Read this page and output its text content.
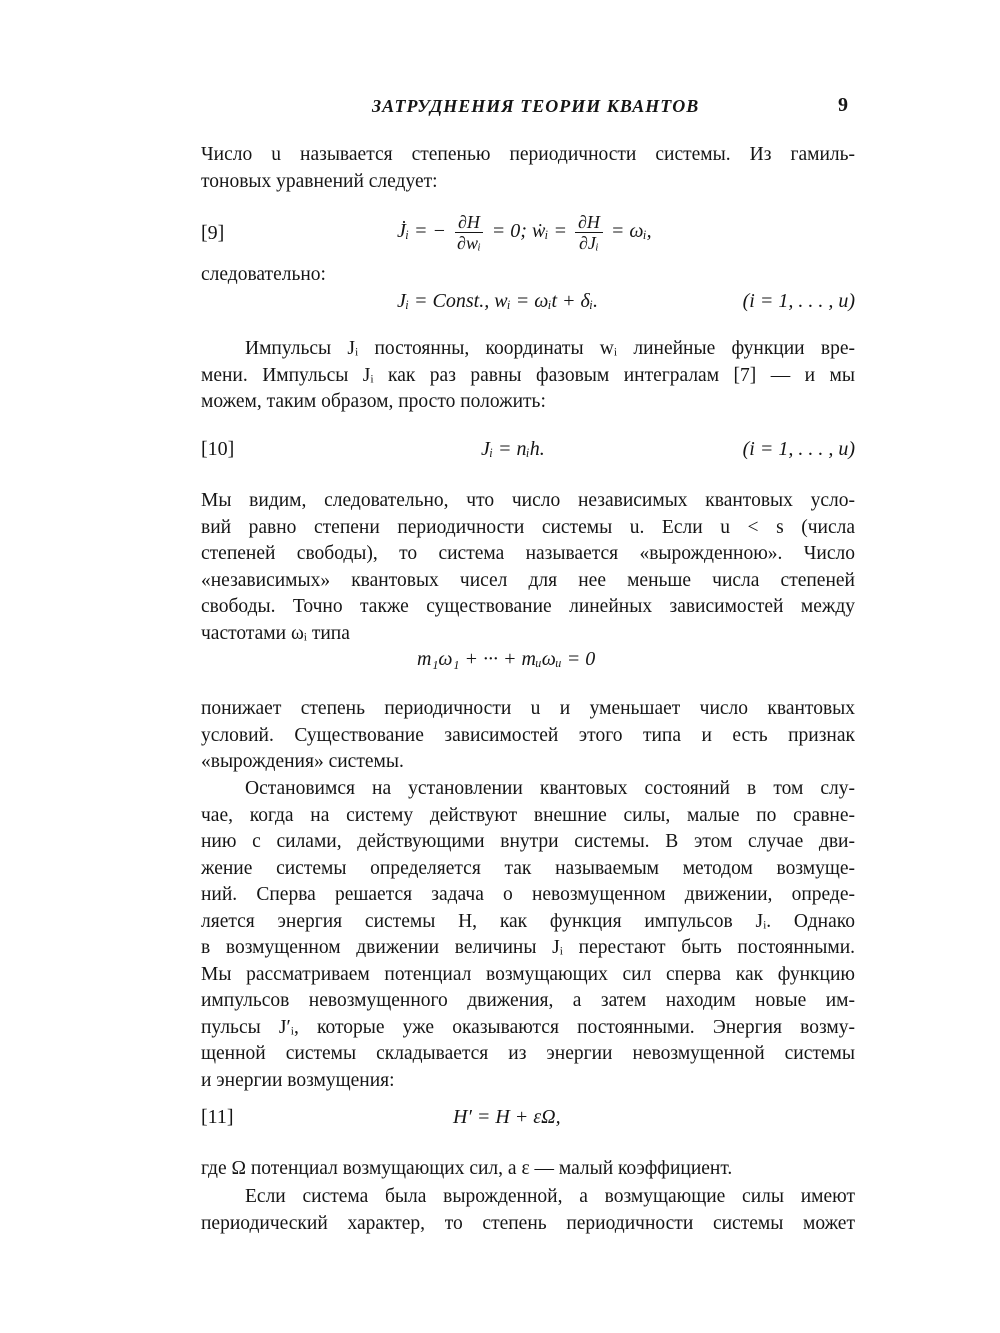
ЗАТРУДНЕНИЯ ТЕОРИИ КВАНТОВ	9
Число u называется степенью периодичности системы. Из гамиль-
тоновых уравнений следует:
[9]	J̇ᵢ = − $\frac{\partial H}{\text{∂wᵢ}} = 0$; ẇᵢ = $\frac{\partial H}{\text{∂Jᵢ}}$ = ωᵢ,
следовательно:
Jᵢ = Const., wᵢ = ωᵢt + δᵢ.	(i = 1, . . . , u)
Импульсы Jᵢ постоянны, координаты wᵢ линейные функции вре-
мени. Импульсы Jᵢ как раз равны фазовым интегралам [7] — и мы
можем, таким образом, просто положить:
[10]	Jᵢ = nᵢh.	(i = 1, . . . , u)
Мы видим, следовательно, что число независимых квантовых усло-
вий равно степени периодичности системы u. Если u < s (числа
степеней свободы), то система называется «вырожденною». Число
«независимых» квантовых чисел для нее меньше числа степеней
свободы. Точно также существование линейных зависимостей между
частотами ωᵢ типа
m₁ω₁ + ··· + mᵤωᵤ = 0
понижает степень периодичности u и уменьшает число квантовых
условий. Существование зависимостей этого типа и есть признак
«вырождения» системы.
Остановимся на установлении квантовых состояний в том слу-
чае, когда на систему действуют внешние силы, малые по сравне-
нию с силами, действующими внутри системы. В этом случае дви-
жение системы определяется так называемым методом возмуще-
ний. Сперва решается задача о невозмущенном движении, опреде-
ляется энергия системы H, как функция импульсов Jᵢ. Однако
в возмущенном движении величины Jᵢ перестают быть постоянными.
Мы рассматриваем потенциал возмущающих сил сперва как функцию
импульсов невозмущенного движения, а затем находим новые им-
пульсы J′ᵢ, которые уже оказываются постоянными. Энергия возму-
щенной системы складывается из энергии невозмущенной системы
и энергии возмущения:
[11]	H′ = H + εΩ,
где Ω потенциал возмущающих сил, а ε — малый коэффициент.
Если система была вырожденной, а возмущающие силы имеют
периодический характер, то степень периодичности системы может
